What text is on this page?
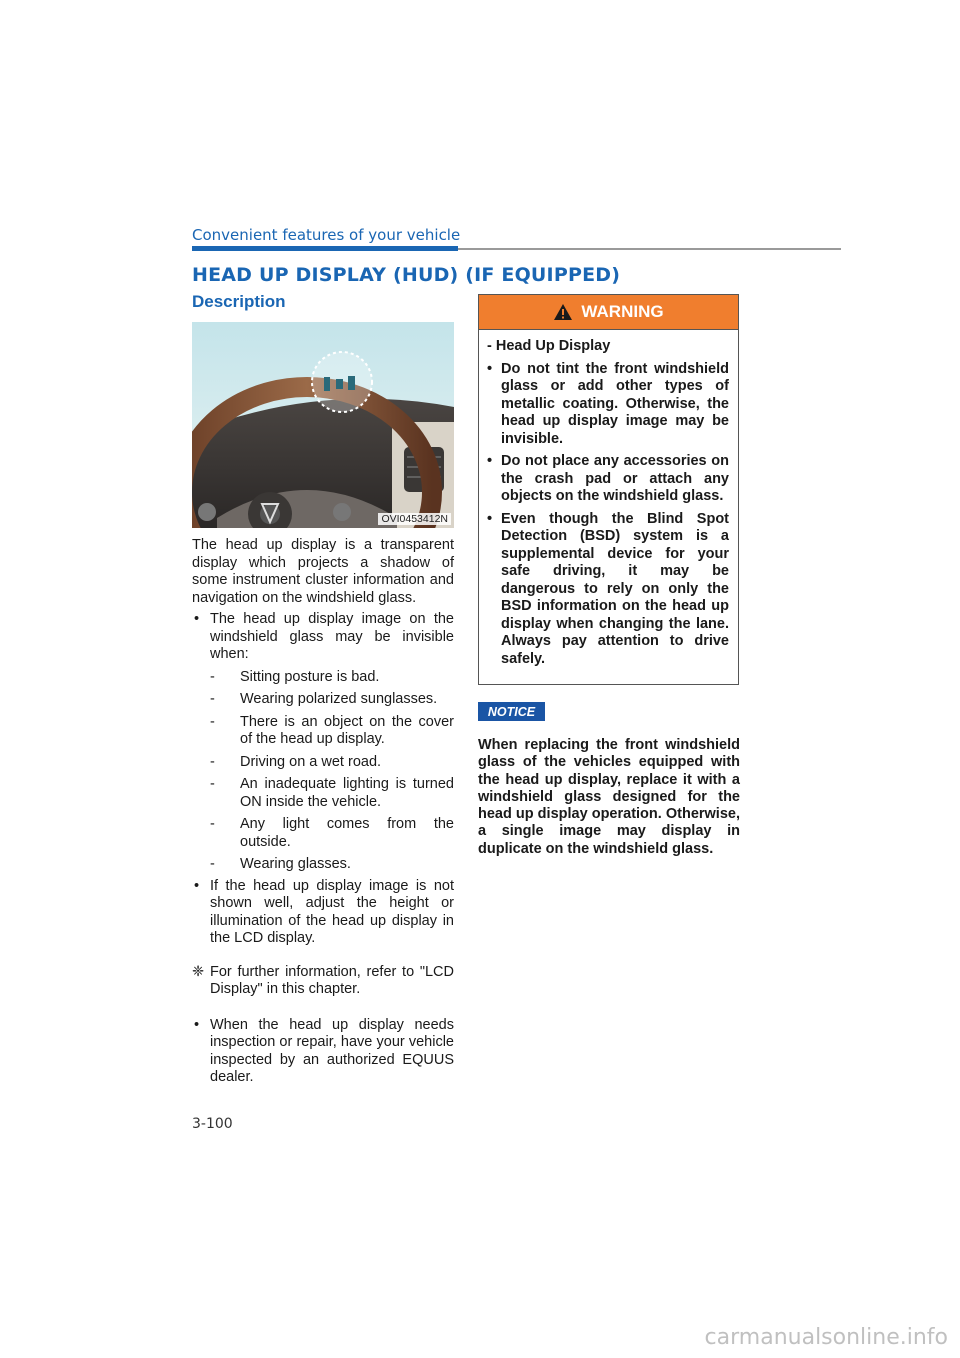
Convenient features of your vehicle
HEAD UP DISPLAY (HUD) (IF EQUIPPED)
Description
OVI0453412N

The head up display is a transparent display which projects a shadow of some instrument cluster information and navigation on the windshield glass.

• The head up display image on the windshield glass may be invisible when:
- Sitting posture is bad.
- Wearing polarized sunglasses.
- There is an object on the cover of the head up display.
- Driving on a wet road.
- An inadequate lighting is turned ON inside the vehicle.
- Any light comes from the outside.
- Wearing glasses.
• If the head up display image is not shown well, adjust the height or illumination of the head up display in the LCD display.
❈ For further information, refer to "LCD Display" in this chapter.
• When the head up display needs inspection or repair, have your vehicle inspected by an authorized EQUUS dealer.
WARNING

- Head Up Display

• Do not tint the front windshield glass or add other types of metallic coating. Otherwise, the head up display image may be invisible.
• Do not place any accessories on the crash pad or attach any objects on the windshield glass.
• Even though the Blind Spot Detection (BSD) system is a supplemental device for your safe driving, it may be dangerous to rely on only the BSD information on the head up display when changing the lane. Always pay attention to drive safely.
NOTICE

When replacing the front windshield glass of the vehicles equipped with the head up display, replace it with a windshield glass designed for the head up display operation. Otherwise, a single image may display in duplicate on the windshield glass.

3-100
carmanualsonline.info
